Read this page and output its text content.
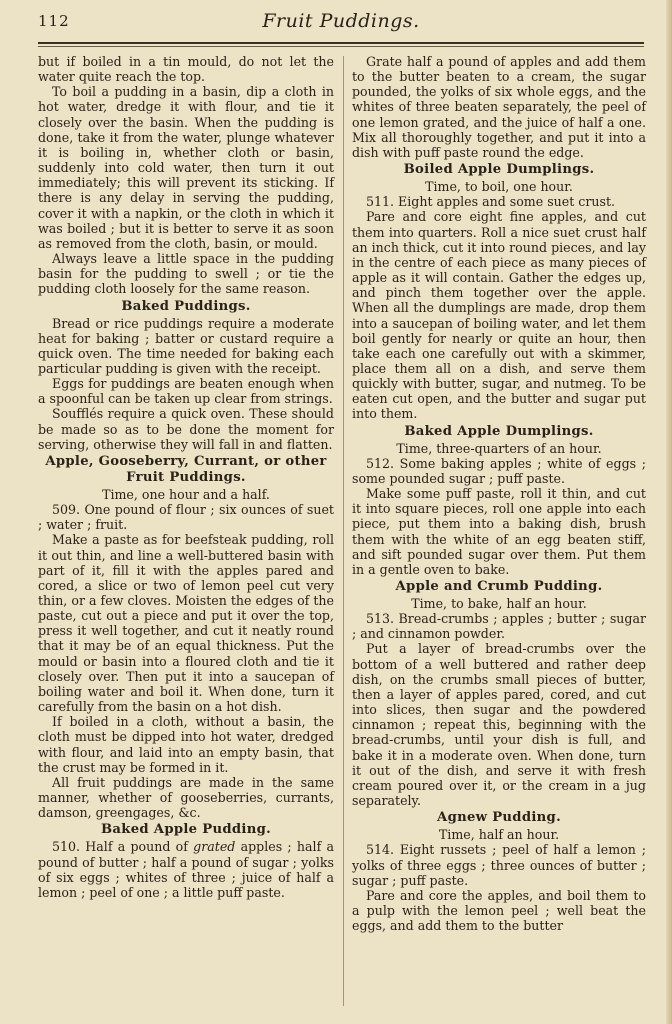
112	Fruit Puddings.

but if boiled in a tin mould, do not let the water quite reach the top.

To boil a pudding in a basin, dip a cloth in hot water, dredge it with flour, and tie it closely over the basin. When the pudding is done, take it from the water, plunge whatever it is boiling in, whether cloth or basin, suddenly into cold water, then turn it out immediately; this will prevent its sticking. If there is any delay in serving the pudding, cover it with a napkin, or the cloth in which it was boiled ; but it is better to serve it as soon as removed from the cloth, basin, or mould.

Always leave a little space in the pudding basin for the pudding to swell ; or tie the pudding cloth loosely for the same reason.

Baked Puddings.

Bread or rice puddings require a moderate heat for baking ; batter or custard require a quick oven. The time needed for baking each particular pudding is given with the receipt.

Eggs for puddings are beaten enough when a spoonful can be taken up clear from strings.

Soufflés require a quick oven. These should be made so as to be done the moment for serving, otherwise they will fall in and flatten.

Apple, Gooseberry, Currant, or other Fruit Puddings.

Time, one hour and a half.

509. One pound of flour ; six ounces of suet ; water ; fruit.

Make a paste as for beefsteak pudding, roll it out thin, and line a well-buttered basin with part of it, fill it with the apples pared and cored, a slice or two of lemon peel cut very thin, or a few cloves. Moisten the edges of the paste, cut out a piece and put it over the top, press it well together, and cut it neatly round that it may be of an equal thickness. Put the mould or basin into a floured cloth and tie it closely over. Then put it into a saucepan of boiling water and boil it. When done, turn it carefully from the basin on a hot dish.

If boiled in a cloth, without a basin, the cloth must be dipped into hot water, dredged with flour, and laid into an empty basin, that the crust may be formed in it.

All fruit puddings are made in the same manner, whether of gooseberries, currants, damson, greengages, &c.

Baked Apple Pudding.

510. Half a pound of grated apples ; half a pound of butter ; half a pound of sugar ; yolks of six eggs ; whites of three ; juice of half a lemon ; peel of one ; a little puff paste.

Grate half a pound of apples and add them to the butter beaten to a cream, the sugar pounded, the yolks of six whole eggs, and the whites of three beaten separately, the peel of one lemon grated, and the juice of half a one. Mix all thoroughly together, and put it into a dish with puff paste round the edge.

Boiled Apple Dumplings.

Time, to boil, one hour.

511. Eight apples and some suet crust.

Pare and core eight fine apples, and cut them into quarters. Roll a nice suet crust half an inch thick, cut it into round pieces, and lay in the centre of each piece as many pieces of apple as it will contain. Gather the edges up, and pinch them together over the apple. When all the dumplings are made, drop them into a saucepan of boiling water, and let them boil gently for nearly or quite an hour, then take each one carefully out with a skimmer, place them all on a dish, and serve them quickly with butter, sugar, and nutmeg. To be eaten cut open, and the butter and sugar put into them.

Baked Apple Dumplings.

Time, three-quarters of an hour.

512. Some baking apples ; white of eggs ; some pounded sugar ; puff paste.

Make some puff paste, roll it thin, and cut it into square pieces, roll one apple into each piece, put them into a baking dish, brush them with the white of an egg beaten stiff, and sift pounded sugar over them. Put them in a gentle oven to bake.

Apple and Crumb Pudding.

Time, to bake, half an hour.

513. Bread-crumbs ; apples ; butter ; sugar ; and cinnamon powder.

Put a layer of bread-crumbs over the bottom of a well buttered and rather deep dish, on the crumbs small pieces of butter, then a layer of apples pared, cored, and cut into slices, then sugar and the powdered cinnamon ; repeat this, beginning with the bread-crumbs, until your dish is full, and bake it in a moderate oven. When done, turn it out of the dish, and serve it with fresh cream poured over it, or the cream in a jug separately.

Agnew Pudding.

Time, half an hour.

514. Eight russets ; peel of half a lemon ; yolks of three eggs ; three ounces of butter ; sugar ; puff paste.

Pare and core the apples, and boil them to a pulp with the lemon peel ; well beat the eggs, and add them to the butter
